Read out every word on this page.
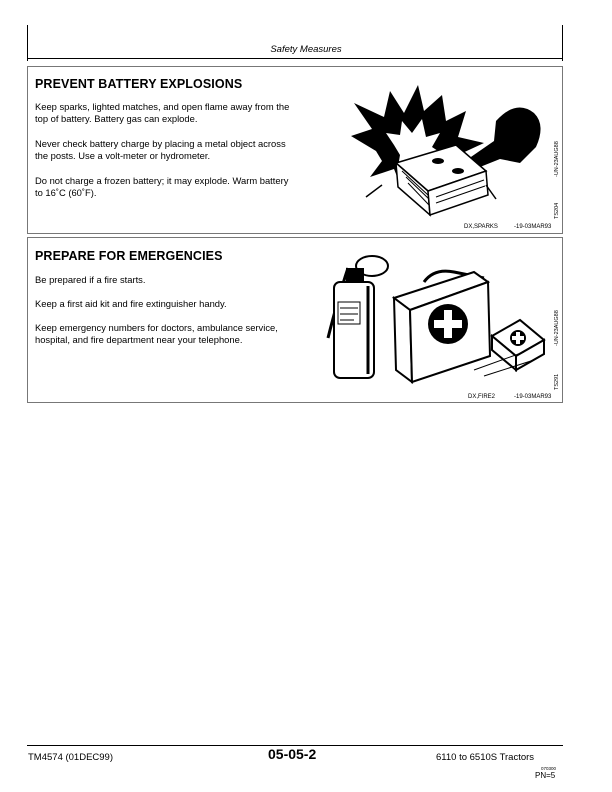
Safety Measures
PREVENT BATTERY EXPLOSIONS

Keep sparks, lighted matches, and open flame away from the top of battery. Battery gas can explode.

Never check battery charge by placing a metal object across the posts. Use a volt-meter or hydrometer.

Do not charge a frozen battery; it may explode. Warm battery to 16˚C (60˚F).

-UN-23AUG88
TS204
DX,SPARKS	-19-03MAR93
PREPARE FOR EMERGENCIES

Be prepared if a fire starts.

Keep a first aid kit and fire extinguisher handy.

Keep emergency numbers for doctors, ambulance service, hospital, and fire department near your telephone.	-UN-23AUG88
TS291
DX,FIRE2	-19-03MAR93
TM4574 (01DEC99)	05-05-2	6110 to 6510S Tractors
070300
PN=5
